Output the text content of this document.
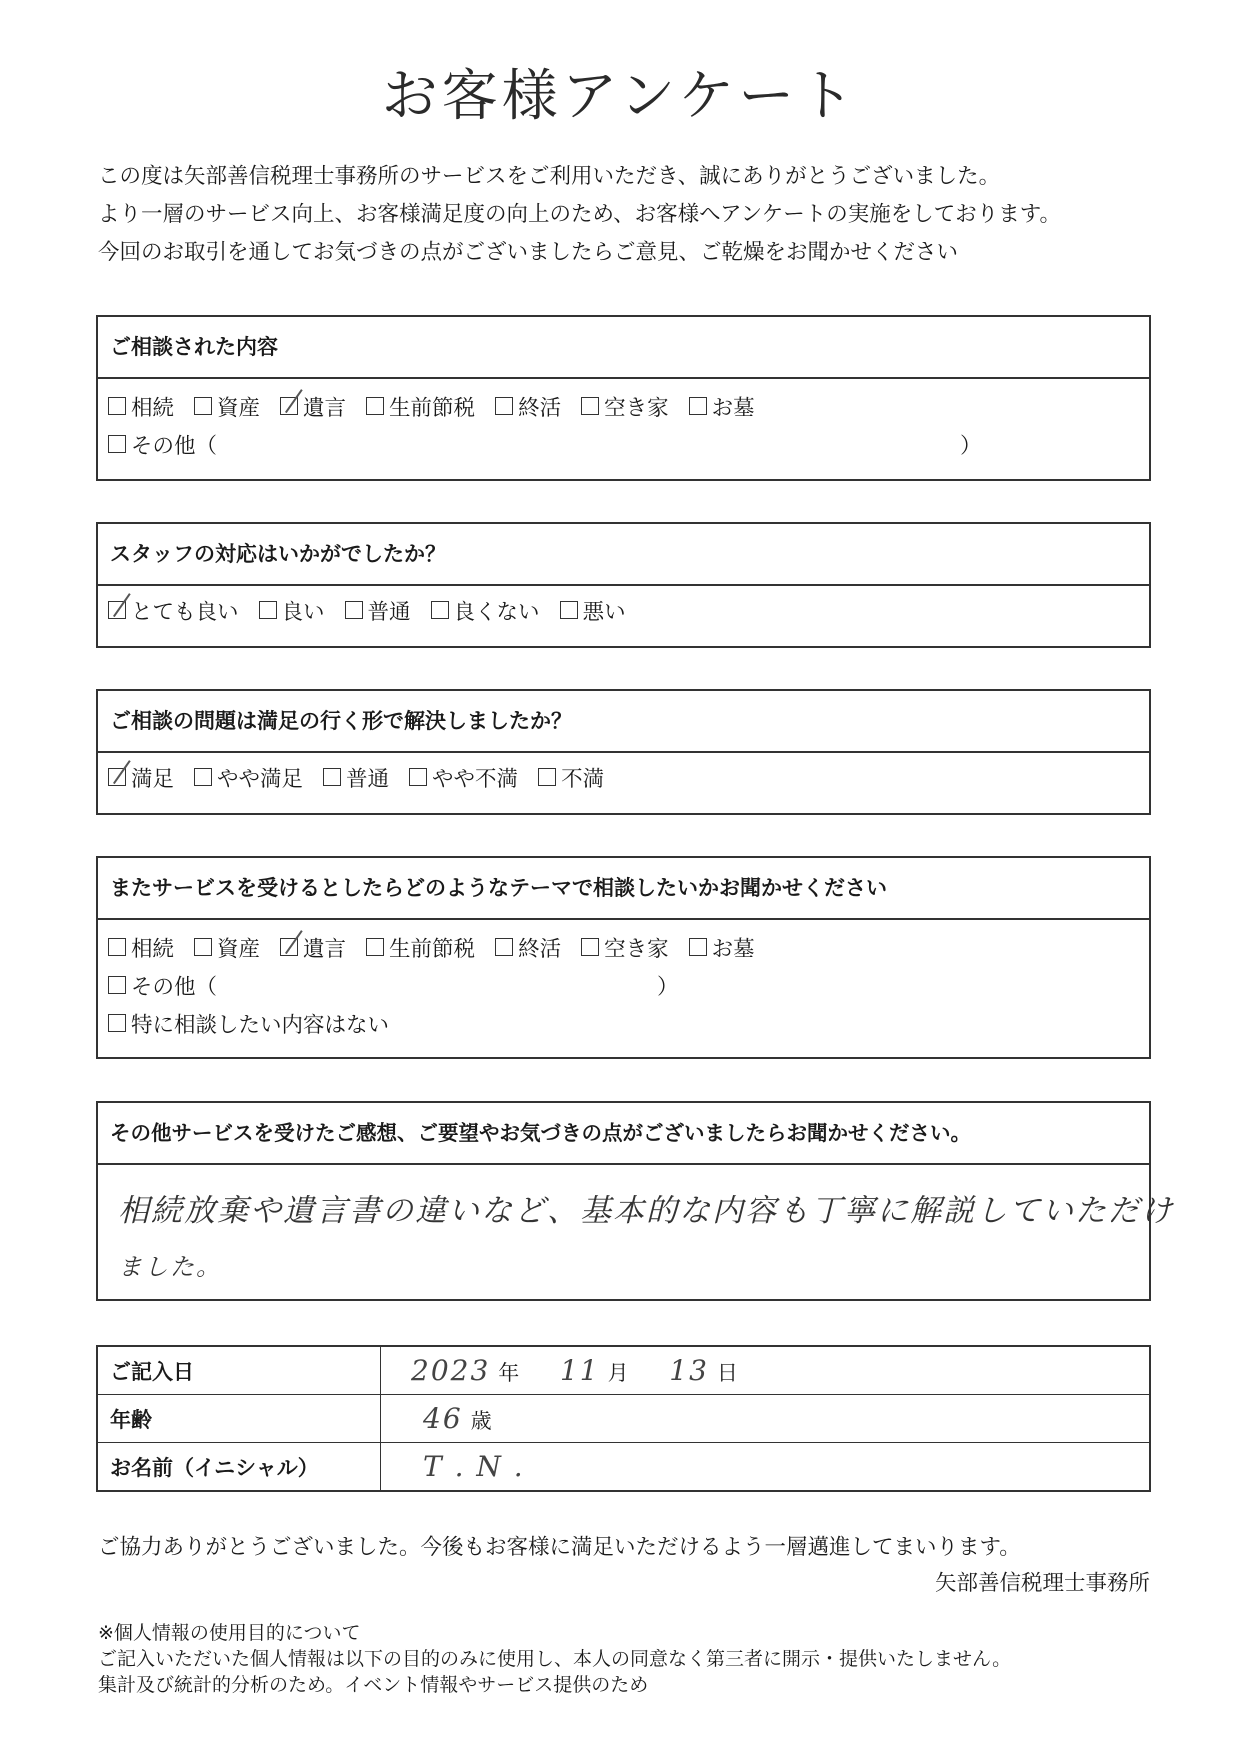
お客様アンケート
この度は矢部善信税理士事務所のサービスをご利用いただき、誠にありがとうございました。
より一層のサービス向上、お客様満足度の向上のため、お客様へアンケートの実施をしております。
今回のお取引を通してお気づきの点がございましたらご意見、ご乾燥をお聞かせください
ご相談された内容
相続 資産 遺言 生前節税 終活 空き家 お墓
その他（	）
スタッフの対応はいかがでしたか？
とても良い 良い 普通 良くない 悪い
ご相談の問題は満足の行く形で解決しましたか？
満足 やや満足 普通 やや不満 不満
またサービスを受けるとしたらどのようなテーマで相談したいかお聞かせください
相続 資産 遺言 生前節税 終活 空き家 お墓
その他（	）
特に相談したい内容はない
その他サービスを受けたご感想、ご要望やお気づきの点がございましたらお聞かせください。
相続放棄や遺言書の違いなど、基本的な内容も丁寧に解説していただけ
ました。
ご記入日	2023 年 11 月 13 日
年齢	46 歳
お名前（イニシャル）	T . N .
ご協力ありがとうございました。今後もお客様に満足いただけるよう一層邁進してまいります。
矢部善信税理士事務所
※個人情報の使用目的について
ご記入いただいた個人情報は以下の目的のみに使用し、本人の同意なく第三者に開示・提供いたしません。
集計及び統計的分析のため。イベント情報やサービス提供のため
